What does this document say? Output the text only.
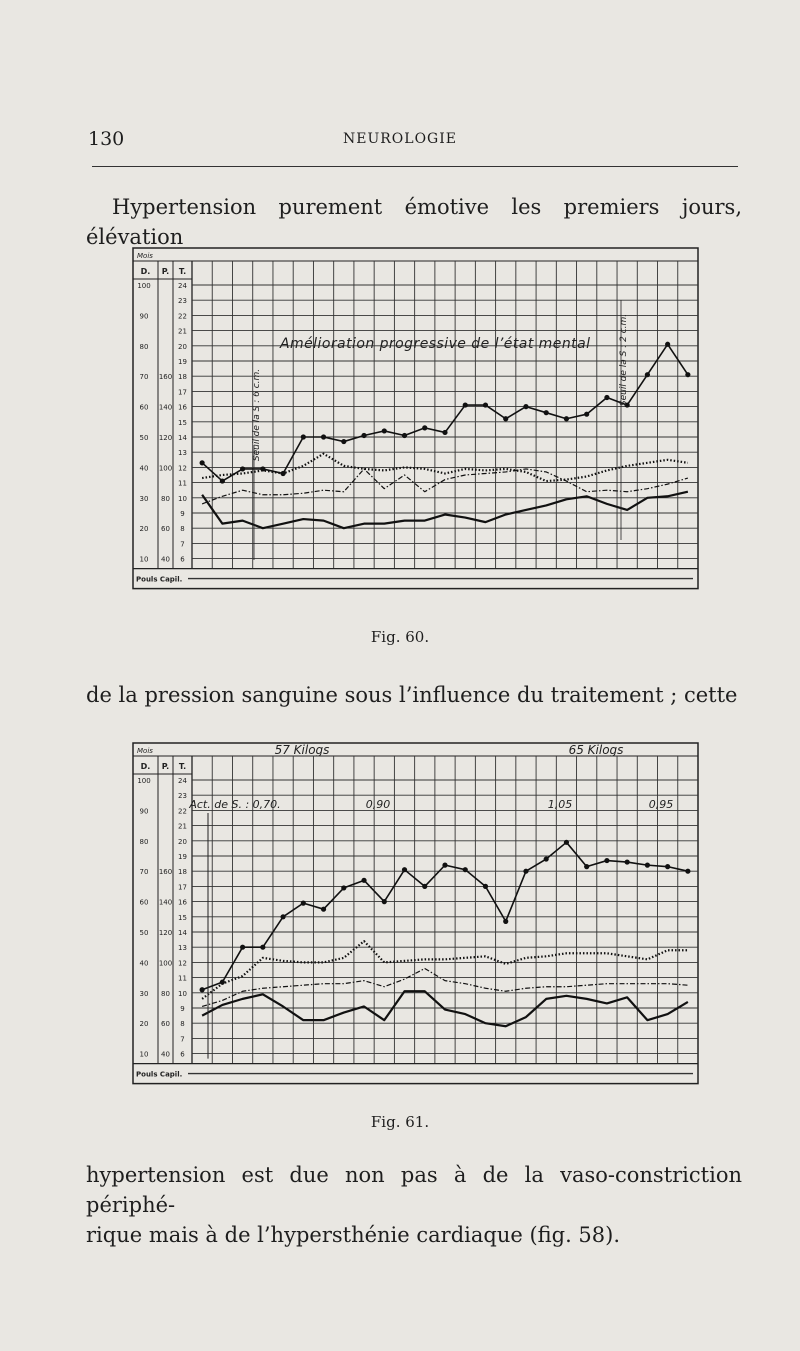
130	NEUROLOGIE
Hypertension purement émotive les premiers jours, élévation
Mois
D. P. T.
100	24
23
90	22
21
80	20
19
70 160 18
17
60 140 16
15
50 120 14
13
40 100 12
11
30 80 10
9
20 60 8
7
10 40 6
Pouls Capil.
Amélioration progressive de l’état mental
Seuil de la S : 6 c.m.
Seuil de la S : 2 c.m.
Fig. 60.
de la pression sanguine sous l’influence du traitement ; cette
Mois
D. P. T.
100	24
23
90	22
21
80	20
19
70 160 18
17
60 140 16
15
50 120 14
13
40 100 12
11
30 80 10
9
20 60 8
7
10 40 6
Pouls Capil.
57 Kilogs	65 Kilogs
Act. de S. : 0,70.	0,90	1,05	0,95
Fig. 61.
hypertension est due non pas à de la vaso-constriction périphé-
rique mais à de l’hypersthénie cardiaque (fig. 58).
